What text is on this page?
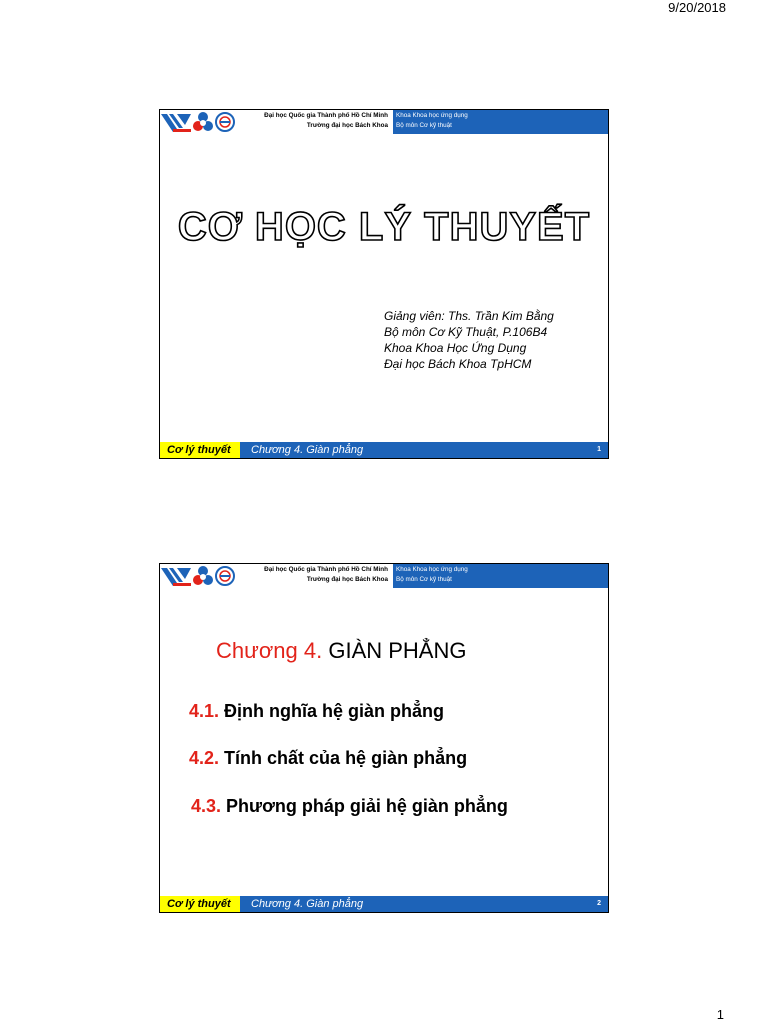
9/20/2018
Đại học Quốc gia Thành phố Hồ Chí Minh
Trường đại học Bách Khoa
Khoa Khoa học ứng dụng
Bộ môn Cơ kỹ thuật
CƠ HỌC LÝ THUYẾT
Giảng viên: Ths. Trần Kim Bằng
Bộ môn Cơ Kỹ Thuật, P.106B4
Khoa Khoa Học Ứng Dụng
Đại học Bách Khoa TpHCM
Cơ lý thuyết	Chương 4. Giàn phẳng	1
Đại học Quốc gia Thành phố Hồ Chí Minh
Trường đại học Bách Khoa
Khoa Khoa học ứng dụng
Bộ môn Cơ kỹ thuật
Chương 4. GIÀN PHẲNG
4.1. Định nghĩa hệ giàn phẳng
4.2. Tính chất của hệ giàn phẳng
4.3. Phương pháp giải hệ giàn phẳng
Cơ lý thuyết	Chương 4. Giàn phẳng	2
1
